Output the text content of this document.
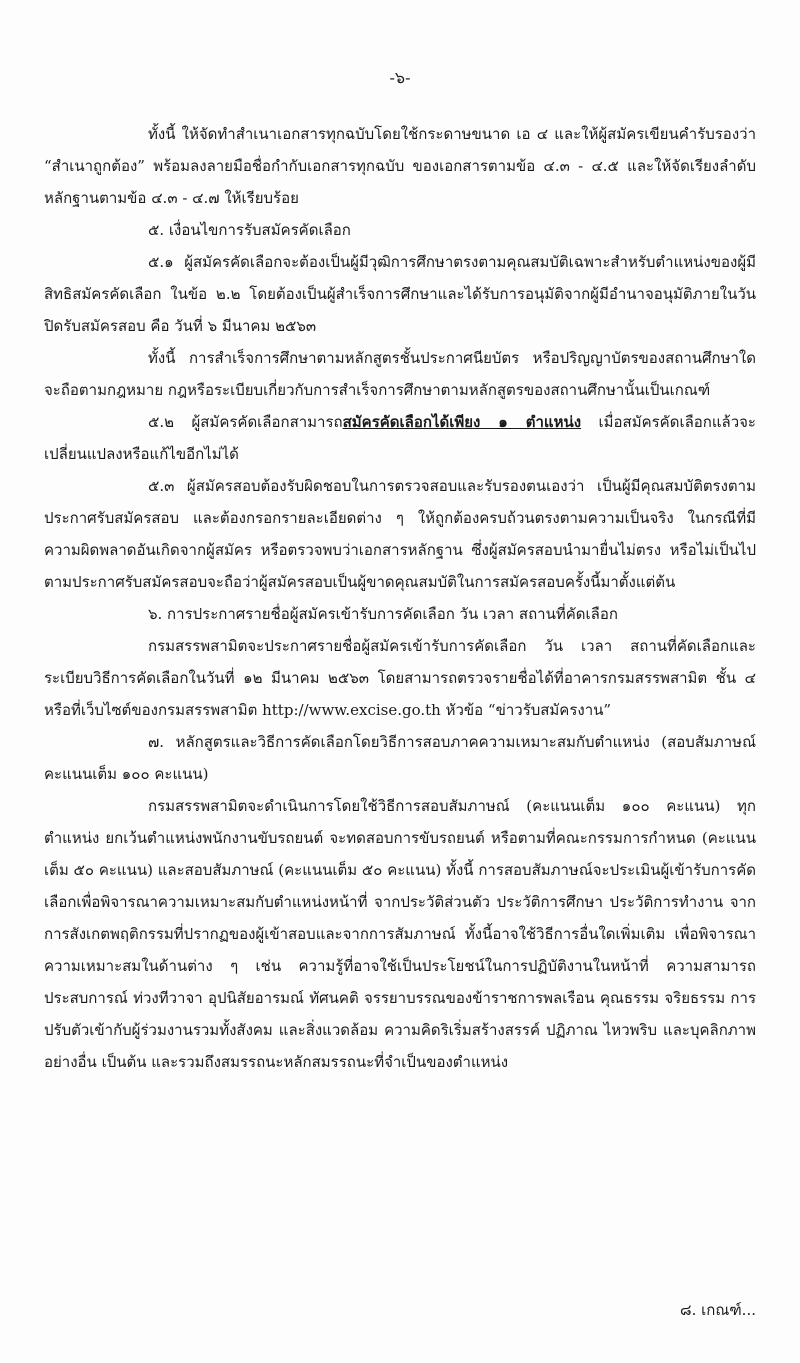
-๖-

ทั้งนี้ ให้จัดทำสำเนาเอกสารทุกฉบับโดยใช้กระดาษขนาด เอ ๔ และให้ผู้สมัครเขียนคำรับรองว่า “สำเนาถูกต้อง” พร้อมลงลายมือชื่อกำกับเอกสารทุกฉบับ ของเอกสารตามข้อ ๔.๓ - ๔.๕ และให้จัดเรียงลำดับหลักฐานตามข้อ ๔.๓ - ๔.๗ ให้เรียบร้อย

๕. เงื่อนไขการรับสมัครคัดเลือก

๕.๑ ผู้สมัครคัดเลือกจะต้องเป็นผู้มีวุฒิการศึกษาตรงตามคุณสมบัติเฉพาะสำหรับตำแหน่งของผู้มีสิทธิสมัครคัดเลือก ในข้อ ๒.๒ โดยต้องเป็นผู้สำเร็จการศึกษาและได้รับการอนุมัติจากผู้มีอำนาจอนุมัติภายในวันปิดรับสมัครสอบ คือ วันที่ ๖ มีนาคม ๒๕๖๓

ทั้งนี้ การสำเร็จการศึกษาตามหลักสูตรชั้นประกาศนียบัตร หรือปริญญาบัตรของสถานศึกษาใด จะถือตามกฎหมาย กฎหรือระเบียบเกี่ยวกับการสำเร็จการศึกษาตามหลักสูตรของสถานศึกษานั้นเป็นเกณฑ์

๕.๒ ผู้สมัครคัดเลือกสามารถสมัครคัดเลือกได้เพียง ๑ ตำแหน่ง เมื่อสมัครคัดเลือกแล้วจะเปลี่ยนแปลงหรือแก้ไขอีกไม่ได้

๕.๓ ผู้สมัครสอบต้องรับผิดชอบในการตรวจสอบและรับรองตนเองว่า เป็นผู้มีคุณสมบัติตรงตามประกาศรับสมัครสอบ และต้องกรอกรายละเอียดต่าง ๆ ให้ถูกต้องครบถ้วนตรงตามความเป็นจริง ในกรณีที่มีความผิดพลาดอันเกิดจากผู้สมัคร หรือตรวจพบว่าเอกสารหลักฐาน ซึ่งผู้สมัครสอบนำมายื่นไม่ตรง หรือไม่เป็นไปตามประกาศรับสมัครสอบจะถือว่าผู้สมัครสอบเป็นผู้ขาดคุณสมบัติในการสมัครสอบครั้งนี้มาตั้งแต่ต้น

๖. การประกาศรายชื่อผู้สมัครเข้ารับการคัดเลือก วัน เวลา สถานที่คัดเลือก

กรมสรรพสามิตจะประกาศรายชื่อผู้สมัครเข้ารับการคัดเลือก วัน เวลา สถานที่คัดเลือกและระเบียบวิธีการคัดเลือกในวันที่ ๑๒ มีนาคม ๒๕๖๓ โดยสามารถตรวจรายชื่อได้ที่อาคารกรมสรรพสามิต ชั้น ๔ หรือที่เว็บไซต์ของกรมสรรพสามิต http://www.excise.go.th หัวข้อ “ข่าวรับสมัครงาน”

๗. หลักสูตรและวิธีการคัดเลือกโดยวิธีการสอบภาคความเหมาะสมกับตำแหน่ง (สอบสัมภาษณ์ คะแนนเต็ม ๑๐๐ คะแนน)

กรมสรรพสามิตจะดำเนินการโดยใช้วิธีการสอบสัมภาษณ์ (คะแนนเต็ม ๑๐๐ คะแนน) ทุกตำแหน่ง ยกเว้นตำแหน่งพนักงานขับรถยนต์ จะทดสอบการขับรถยนต์ หรือตามที่คณะกรรมการกำหนด (คะแนนเต็ม ๕๐ คะแนน) และสอบสัมภาษณ์ (คะแนนเต็ม ๕๐ คะแนน) ทั้งนี้ การสอบสัมภาษณ์จะประเมินผู้เข้ารับการคัดเลือกเพื่อพิจารณาความเหมาะสมกับตำแหน่งหน้าที่ จากประวัติส่วนตัว ประวัติการศึกษา ประวัติการทำงาน จากการสังเกตพฤติกรรมที่ปรากฏของผู้เข้าสอบและจากการสัมภาษณ์ ทั้งนี้อาจใช้วิธีการอื่นใดเพิ่มเติม เพื่อพิจารณาความเหมาะสมในด้านต่าง ๆ เช่น ความรู้ที่อาจใช้เป็นประโยชน์ในการปฏิบัติงานในหน้าที่ ความสามารถ ประสบการณ์ ท่วงทีวาจา อุปนิสัยอารมณ์ ทัศนคติ จรรยาบรรณของข้าราชการพลเรือน คุณธรรม จริยธรรม การปรับตัวเข้ากับผู้ร่วมงานรวมทั้งสังคม และสิ่งแวดล้อม ความคิดริเริ่มสร้างสรรค์ ปฏิภาณ ไหวพริบ และบุคลิกภาพอย่างอื่น เป็นต้น และรวมถึงสมรรถนะหลักสมรรถนะที่จำเป็นของตำแหน่ง

๘. เกณฑ์...
